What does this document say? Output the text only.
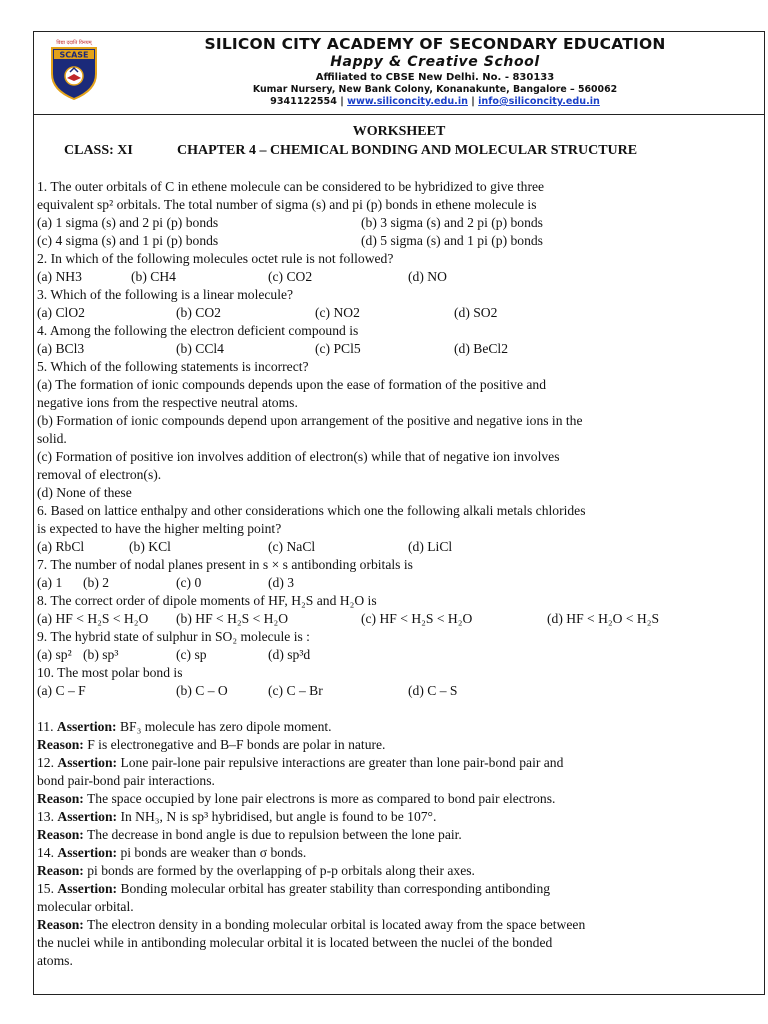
विद्या ददाति विनयम्
SCASE
SILICON CITY ACADEMY OF SECONDARY EDUCATION
Happy & Creative School
Affiliated to CBSE New Delhi. No. - 830133
Kumar Nursery, New Bank Colony, Konanakunte, Bangalore – 560062
9341122554 | www.siliconcity.edu.in | info@siliconcity.edu.in
WORKSHEET
CLASS: XI	CHAPTER 4 – CHEMICAL BONDING AND MOLECULAR STRUCTURE
1. The outer orbitals of C in ethene molecule can be considered to be hybridized to give three
equivalent sp² orbitals. The total number of sigma (s) and pi (p) bonds in ethene molecule is
(a) 1 sigma (s) and 2 pi (p) bonds	(b) 3 sigma (s) and 2 pi (p) bonds
(c) 4 sigma (s) and 1 pi (p) bonds	(d) 5 sigma (s) and 1 pi (p) bonds
2. In which of the following molecules octet rule is not followed?
(a) NH3	(b) CH4	(c) CO2	(d) NO
3. Which of the following is a linear molecule?
(a) ClO2	(b) CO2	(c) NO2	(d) SO2
4. Among the following the electron deficient compound is
(a) BCl3	(b) CCl4	(c) PCl5	(d) BeCl2
5. Which of the following statements is incorrect?
(a) The formation of ionic compounds depends upon the ease of formation of the positive and
negative ions from the respective neutral atoms.
(b) Formation of ionic compounds depend upon arrangement of the positive and negative ions in the
solid.
(c) Formation of positive ion involves addition of electron(s) while that of negative ion involves
removal of electron(s).
(d) None of these
6. Based on lattice enthalpy and other considerations which one the following alkali metals chlorides
is expected to have the higher melting point?
(a) RbCl	(b) KCl	(c) NaCl	(d) LiCl
7. The number of nodal planes present in s × s antibonding orbitals is
(a) 1 (b) 2	(c) 0	(d) 3
8. The correct order of dipole moments of HF, H₂S and H₂O is
(a) HF < H₂S < H₂O (b) HF < H₂S < H₂O	(c) HF < H₂S < H₂O	(d) HF < H₂O < H₂S
9. The hybrid state of sulphur in SO₂ molecule is :
(a) sp² (b) sp³	(c) sp	(d) sp³d
10. The most polar bond is
(a) C – F	(b) C – O	(c) C – Br	(d) C – S
11. Assertion: BF₃ molecule has zero dipole moment.
Reason: F is electronegative and B–F bonds are polar in nature.
12. Assertion: Lone pair-lone pair repulsive interactions are greater than lone pair-bond pair and
bond pair-bond pair interactions.
Reason: The space occupied by lone pair electrons is more as compared to bond pair electrons.
13. Assertion: In NH₃, N is sp³ hybridised, but angle is found to be 107°.
Reason: The decrease in bond angle is due to repulsion between the lone pair.
14. Assertion: pi bonds are weaker than σ bonds.
Reason: pi bonds are formed by the overlapping of p-p orbitals along their axes.
15. Assertion: Bonding molecular orbital has greater stability than corresponding antibonding
molecular orbital.
Reason: The electron density in a bonding molecular orbital is located away from the space between
the nuclei while in antibonding molecular orbital it is located between the nuclei of the bonded
atoms.
